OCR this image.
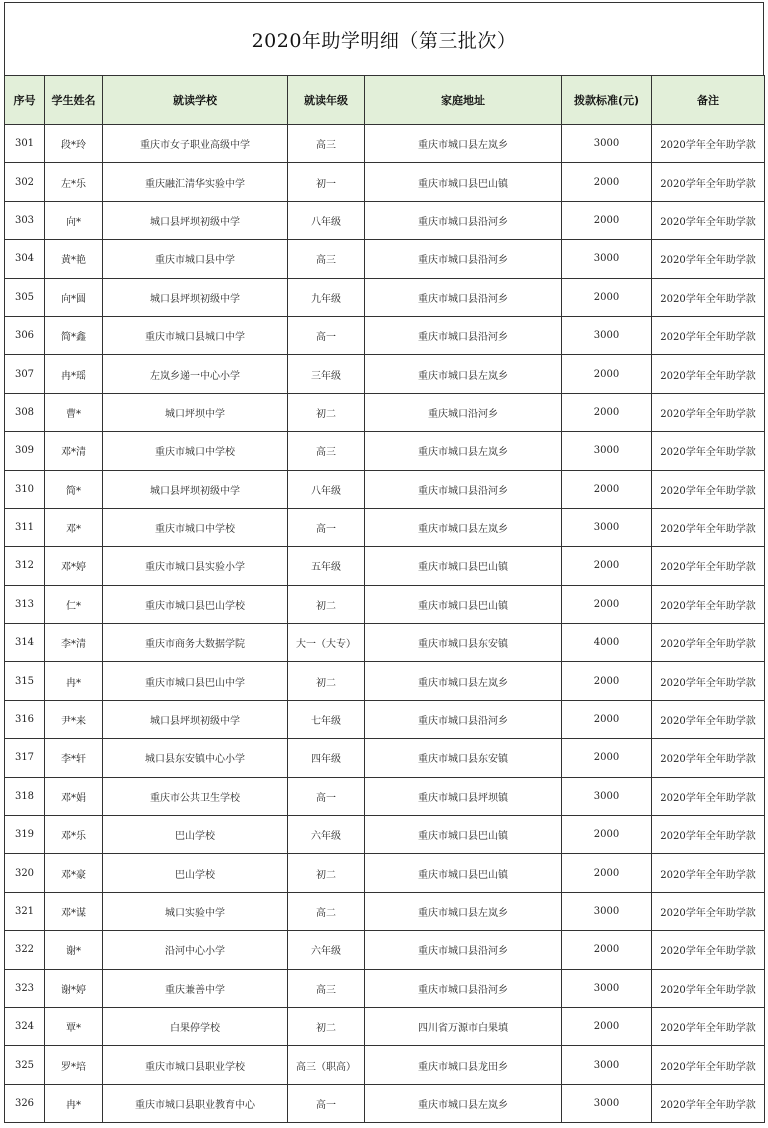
2020年助学明细（第三批次）
序号	学生姓名	就读学校	就读年级	家庭地址	拨款标准(元)	备注
301	段*玲	重庆市女子职业高级中学	高三	重庆市城口县左岚乡	3000	2020学年全年助学款
302	左*乐	重庆融汇清华实验中学	初一	重庆市城口县巴山镇	2000	2020学年全年助学款
303	向*	城口县坪坝初级中学	八年级	重庆市城口县沿河乡	2000	2020学年全年助学款
304	黄*艳	重庆市城口县中学	高三	重庆市城口县沿河乡	3000	2020学年全年助学款
305	向*圆	城口县坪坝初级中学	九年级	重庆市城口县沿河乡	2000	2020学年全年助学款
306	简*鑫	重庆市城口县城口中学	高一	重庆市城口县沿河乡	3000	2020学年全年助学款
307	冉*瑶	左岚乡递一中心小学	三年级	重庆市城口县左岚乡	2000	2020学年全年助学款
308	曹*	城口坪坝中学	初二	重庆城口沿河乡	2000	2020学年全年助学款
309	邓*清	重庆市城口中学校	高三	重庆市城口县左岚乡	3000	2020学年全年助学款
310	简*	城口县坪坝初级中学	八年级	重庆市城口县沿河乡	2000	2020学年全年助学款
311	邓*	重庆市城口中学校	高一	重庆市城口县左岚乡	3000	2020学年全年助学款
312	邓*婷	重庆市城口县实验小学	五年级	重庆市城口县巴山镇	2000	2020学年全年助学款
313	仁*	重庆市城口县巴山学校	初二	重庆市城口县巴山镇	2000	2020学年全年助学款
314	李*清	重庆市商务大数据学院	大一（大专）	重庆市城口县东安镇	4000	2020学年全年助学款
315	冉*	重庆市城口县巴山中学	初二	重庆市城口县左岚乡	2000	2020学年全年助学款
316	尹*来	城口县坪坝初级中学	七年级	重庆市城口县沿河乡	2000	2020学年全年助学款
317	李*轩	城口县东安镇中心小学	四年级	重庆市城口县东安镇	2000	2020学年全年助学款
318	邓*娟	重庆市公共卫生学校	高一	重庆市城口县坪坝镇	3000	2020学年全年助学款
319	邓*乐	巴山学校	六年级	重庆市城口县巴山镇	2000	2020学年全年助学款
320	邓*豪	巴山学校	初二	重庆市城口县巴山镇	2000	2020学年全年助学款
321	邓*谋	城口实验中学	高二	重庆市城口县左岚乡	3000	2020学年全年助学款
322	谢*	沿河中心小学	六年级	重庆市城口县沿河乡	2000	2020学年全年助学款
323	谢*婷	重庆兼善中学	高三	重庆市城口县沿河乡	3000	2020学年全年助学款
324	覃*	白果停学校	初二	四川省万源市白果填	2000	2020学年全年助学款
325	罗*培	重庆市城口县职业学校	高三（职高）	重庆市城口县龙田乡	3000	2020学年全年助学款
326	冉*	重庆市城口县职业教育中心	高一	重庆市城口县左岚乡	3000	2020学年全年助学款
